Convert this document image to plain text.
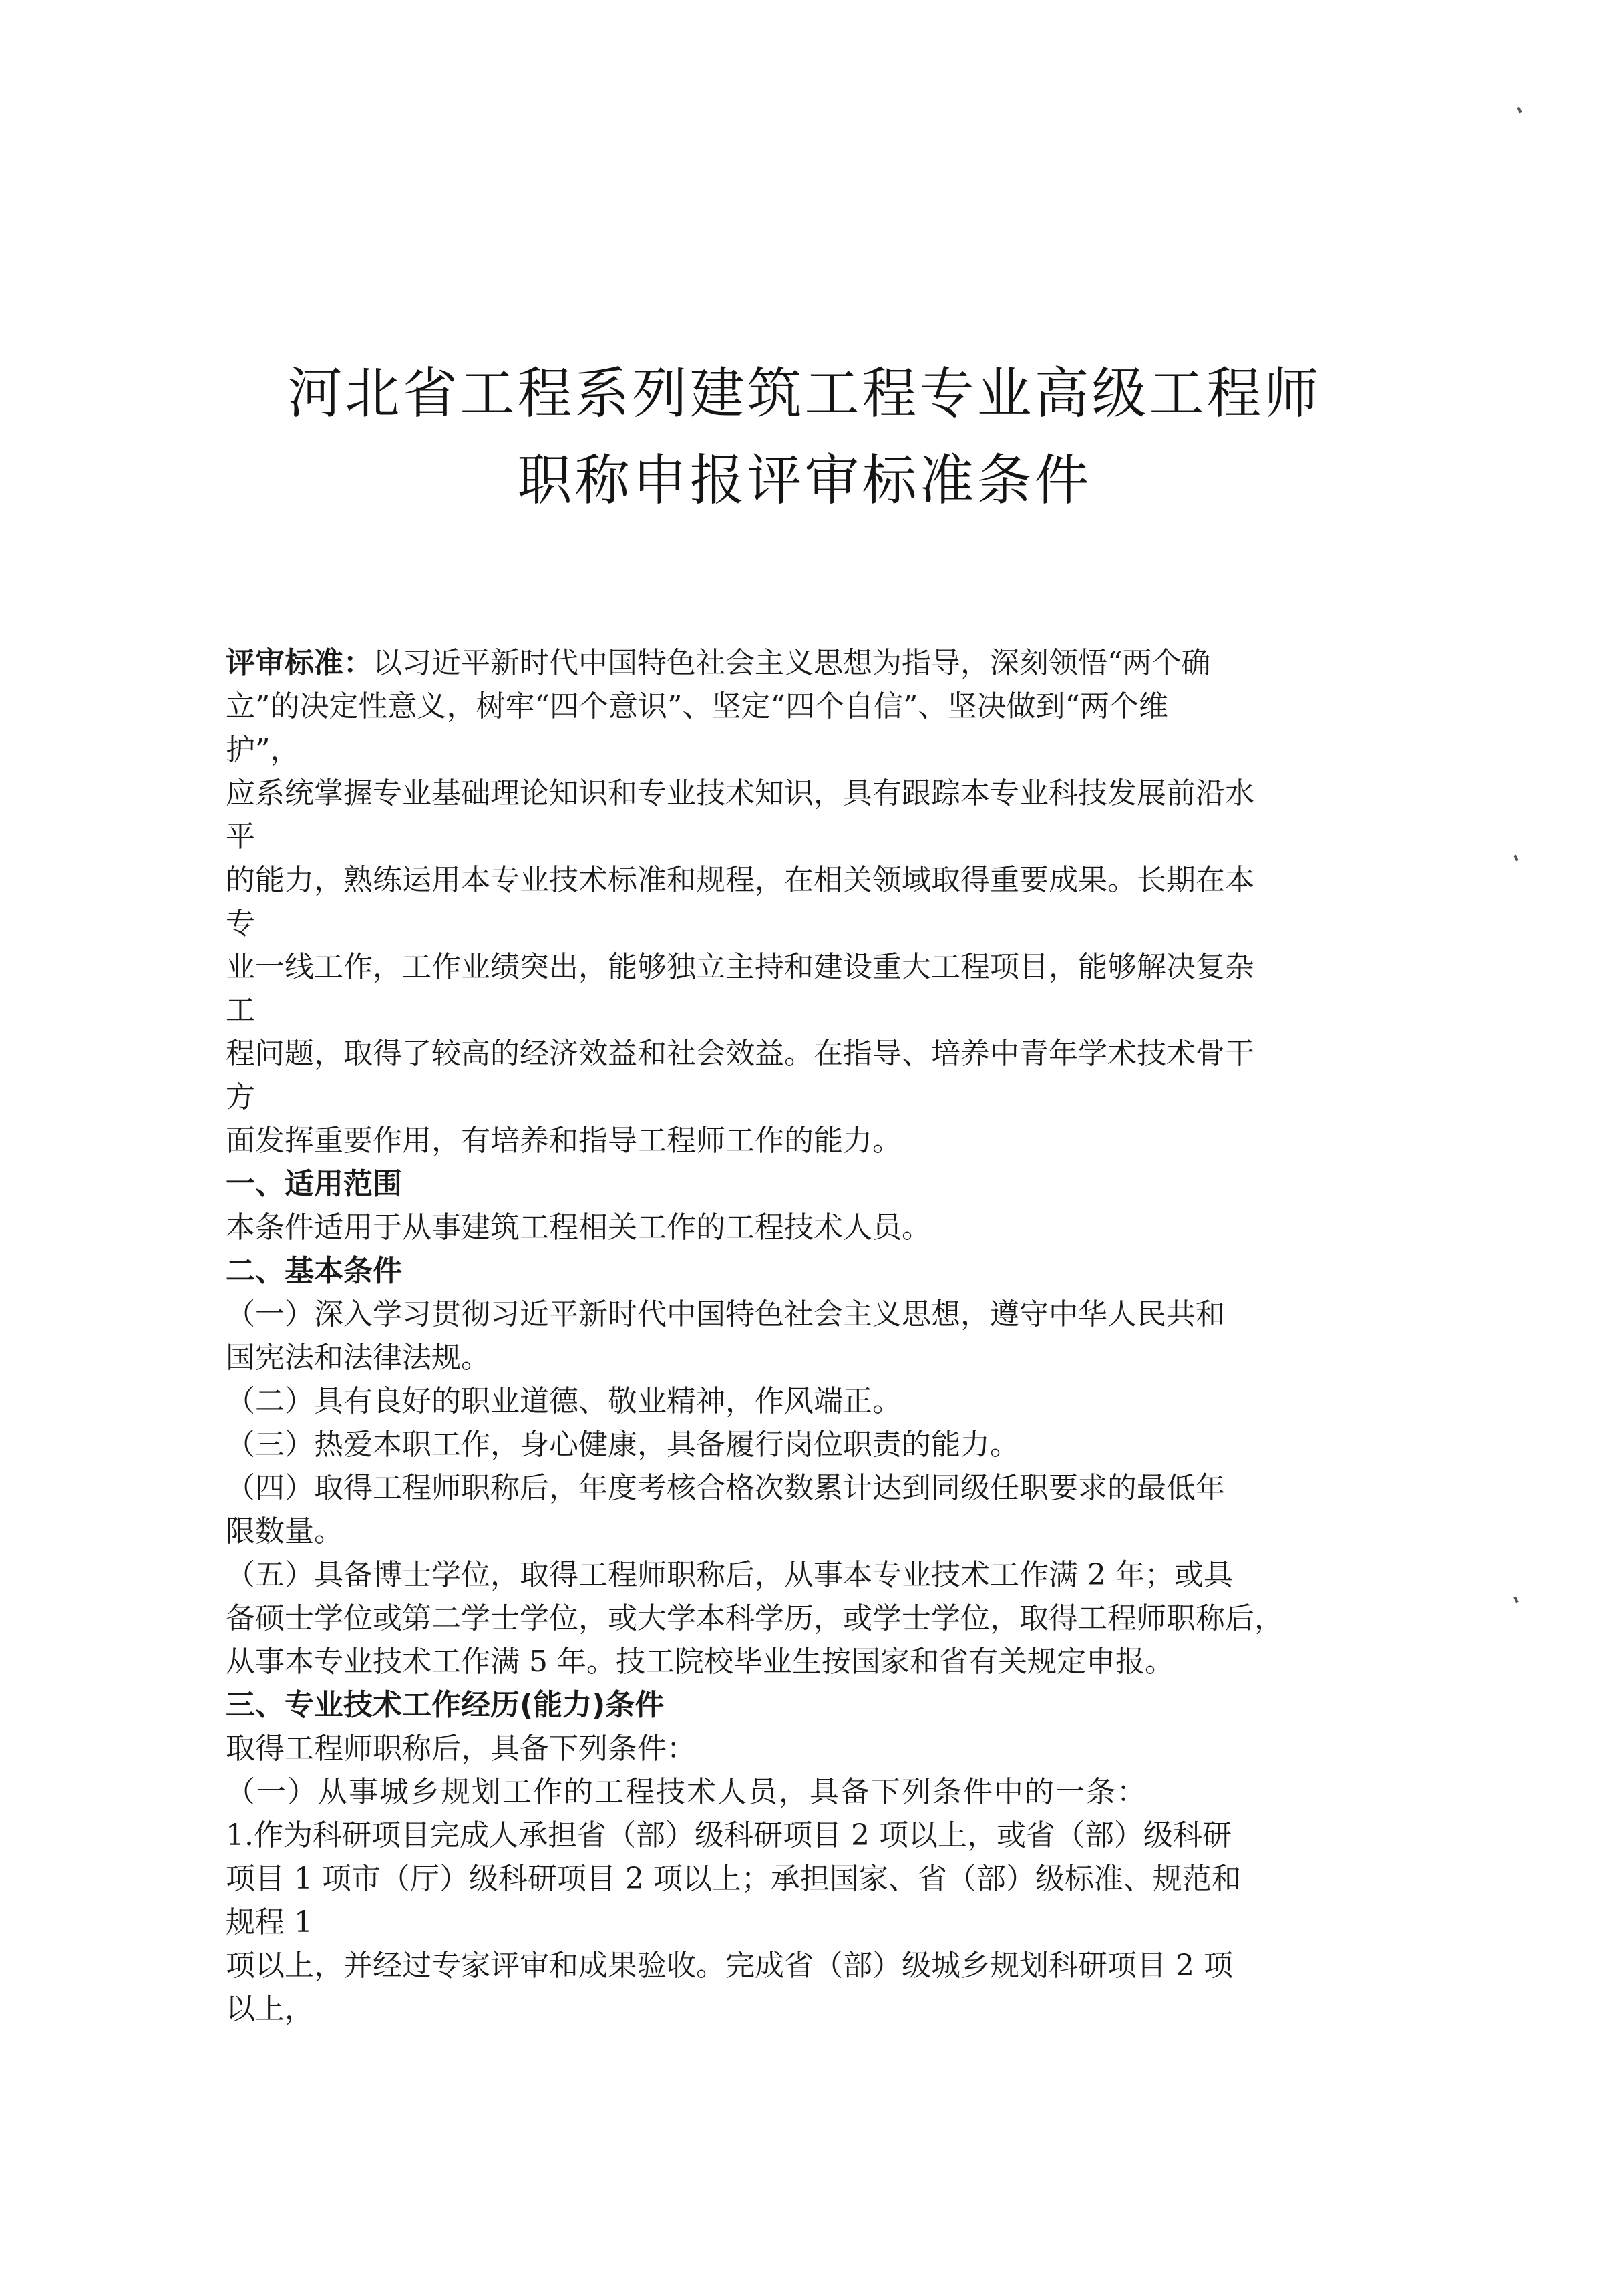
河北省工程系列建筑工程专业高级工程师
职称申报评审标准条件

评审标准：以习近平新时代中国特色社会主义思想为指导，深刻领悟“两个确

立”的决定性意义，树牢“四个意识”、坚定“四个自信”、坚决做到“两个维

护”，

应系统掌握专业基础理论知识和专业技术知识，具有跟踪本专业科技发展前沿水

平

的能力，熟练运用本专业技术标准和规程，在相关领域取得重要成果。长期在本

专

业一线工作，工作业绩突出，能够独立主持和建设重大工程项目，能够解决复杂

工

程问题，取得了较高的经济效益和社会效益。在指导、培养中青年学术技术骨干

方

面发挥重要作用，有培养和指导工程师工作的能力。

一、适用范围

本条件适用于从事建筑工程相关工作的工程技术人员。

二、基本条件

（一）深入学习贯彻习近平新时代中国特色社会主义思想，遵守中华人民共和

国宪法和法律法规。

（二）具有良好的职业道德、敬业精神，作风端正。

（三）热爱本职工作，身心健康，具备履行岗位职责的能力。

（四）取得工程师职称后，年度考核合格次数累计达到同级任职要求的最低年

限数量。

（五）具备博士学位，取得工程师职称后，从事本专业技术工作满 2 年；或具

备硕士学位或第二学士学位，或大学本科学历，或学士学位，取得工程师职称后，

从事本专业技术工作满 5 年。技工院校毕业生按国家和省有关规定申报。

三、专业技术工作经历(能力)条件

取得工程师职称后，具备下列条件：

（一）从事城乡规划工作的工程技术人员，具备下列条件中的一条：

1.作为科研项目完成人承担省（部）级科研项目 2 项以上，或省（部）级科研

项目 1 项市（厅）级科研项目 2 项以上；承担国家、省（部）级标准、规范和

规程 1

项以上，并经过专家评审和成果验收。完成省（部）级城乡规划科研项目 2 项

以上，
